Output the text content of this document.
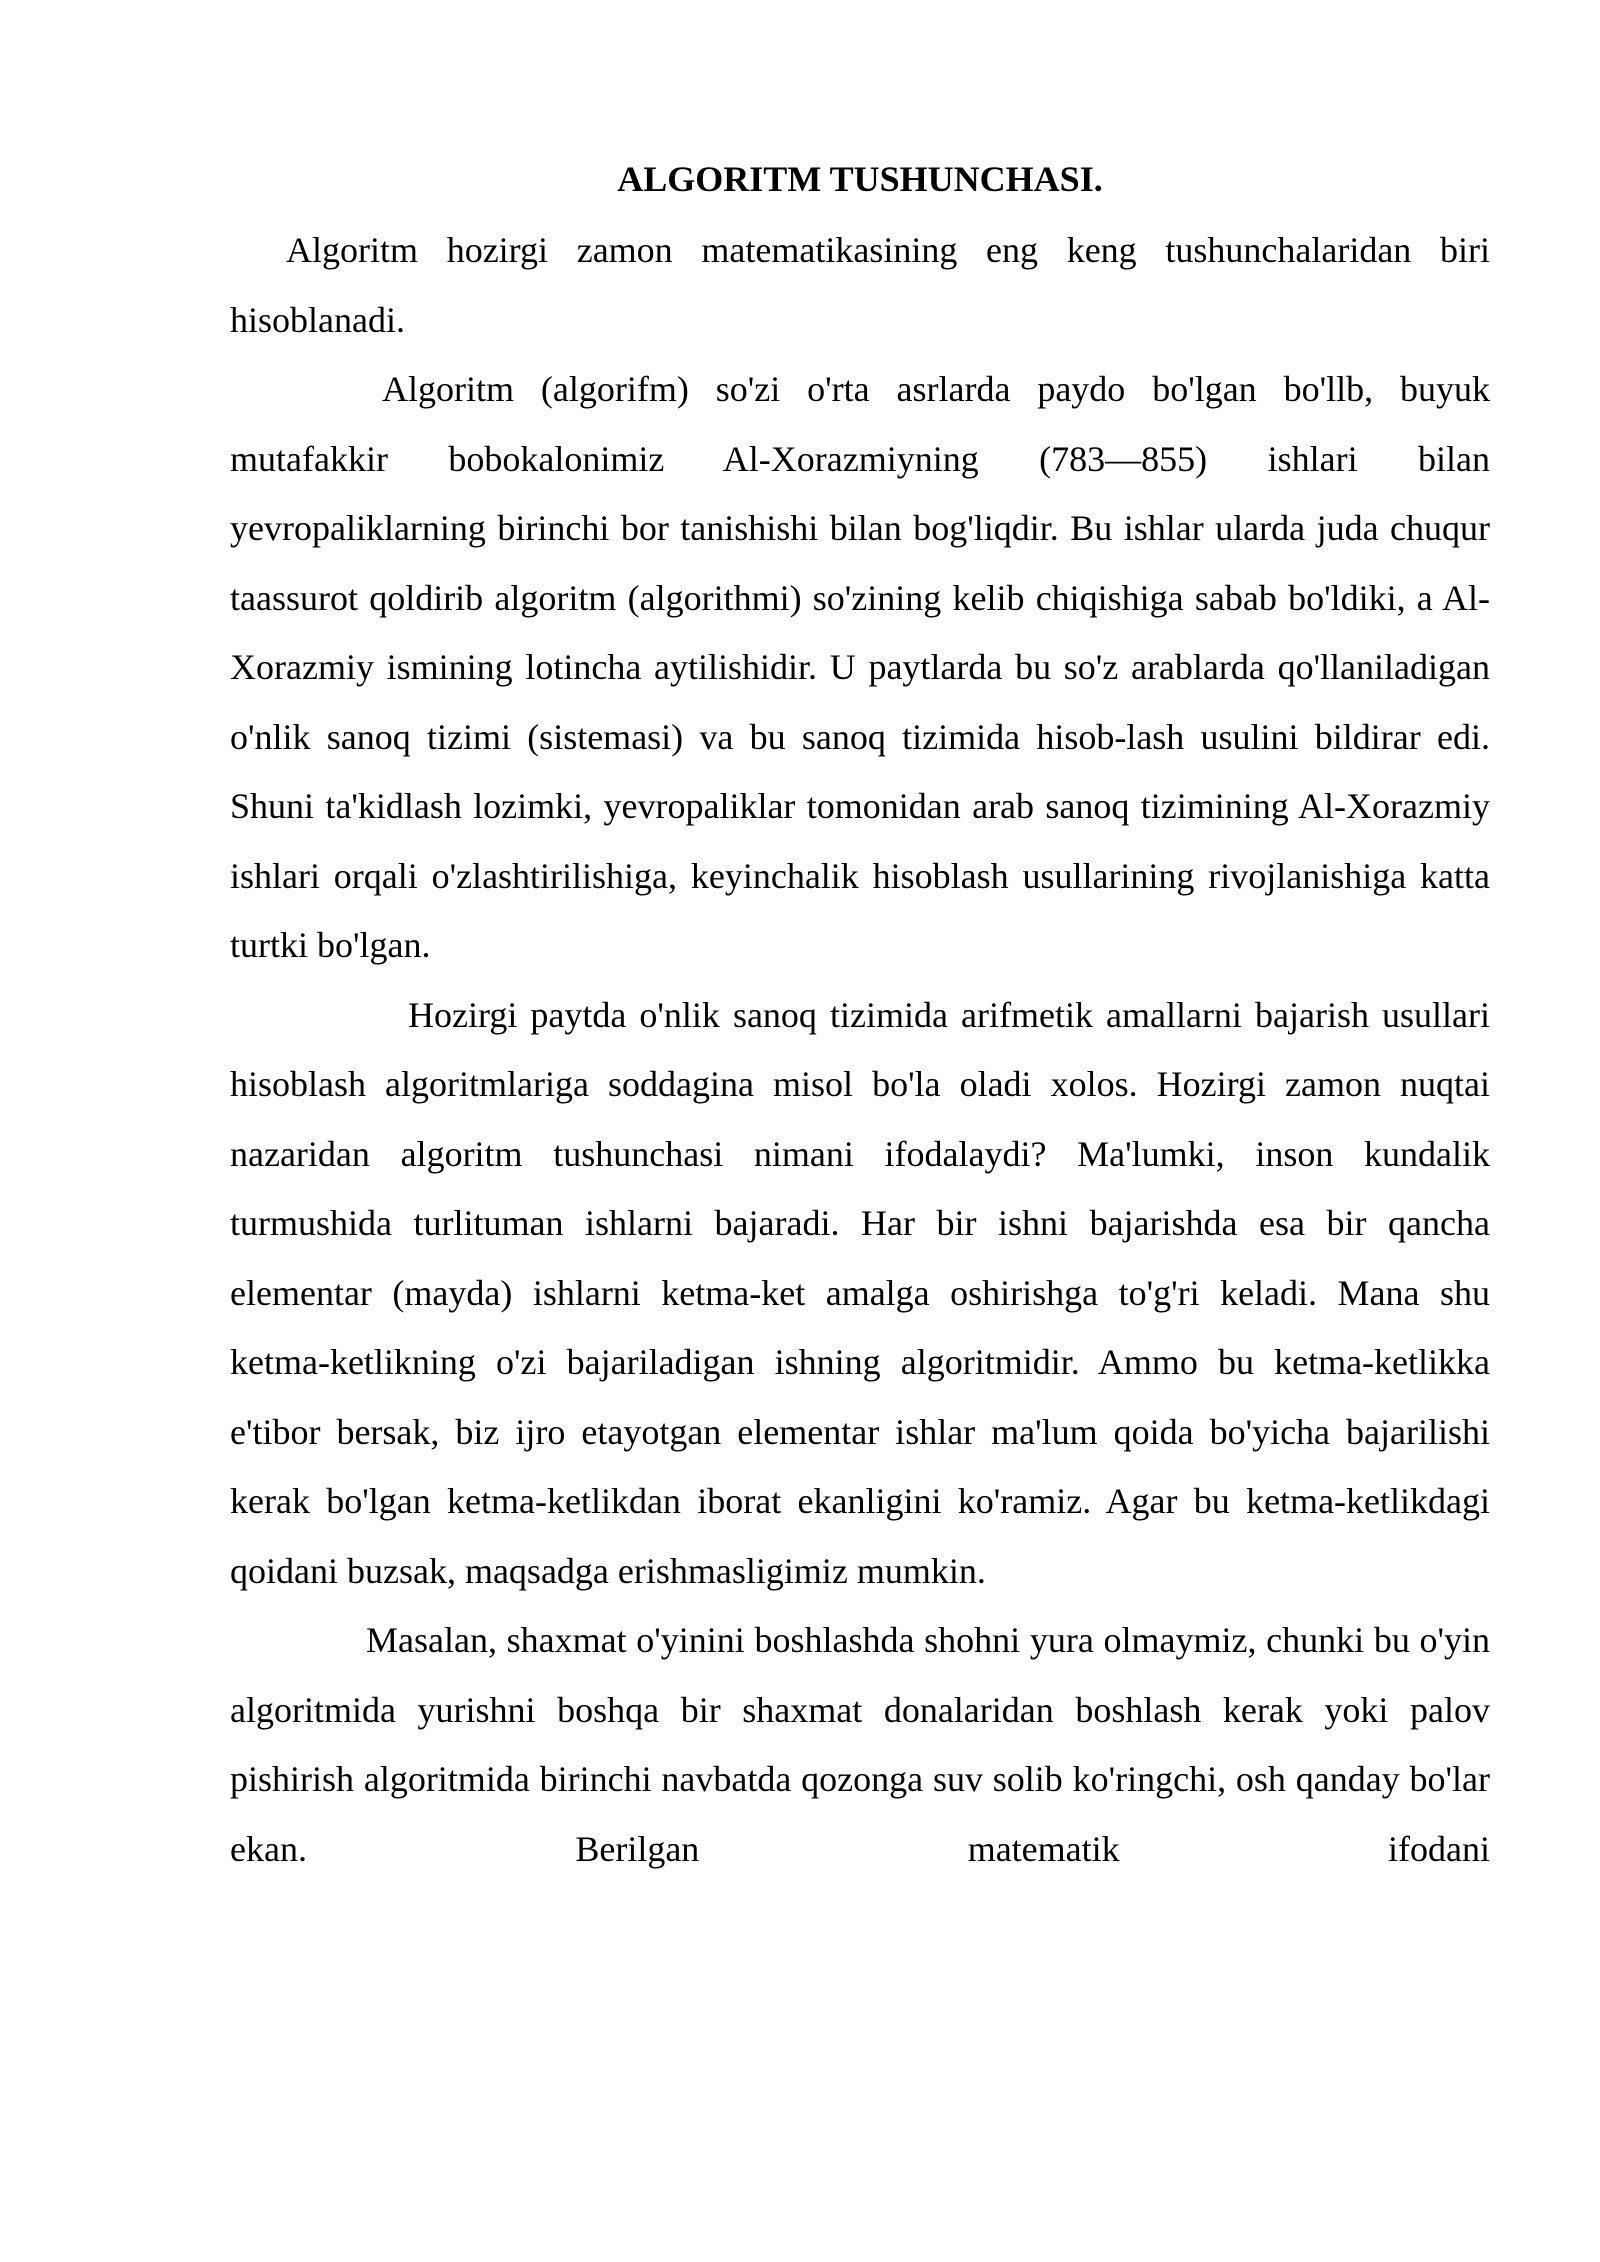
ALGORITM TUSHUNCHASI.

Algoritm hozirgi zamon matematikasining eng keng tushunchalaridan biri hisoblanadi.

Algoritm (algorifm) so'zi o'rta asrlarda paydo bo'lgan bo'llb, buyuk mutafakkir bobokalonimiz Al-Xorazmiyning (783—855) ishlari bilan yevropaliklarning birinchi bor tanishishi bilan bog'liqdir. Bu ishlar ularda juda chuqur taassurot qoldirib algoritm (algorithmi) so'zining kelib chiqishiga sabab bo'ldiki, a Al-Xorazmiy ismining lotincha aytilishidir. U paytlarda bu so'z arablarda qo'llaniladigan o'nlik sanoq tizimi (sistemasi) va bu sanoq tizimida hisob-lash usulini bildirar edi. Shuni ta'kidlash lozimki, yevropaliklar tomonidan arab sanoq tizimining Al-Xorazmiy ishlari orqali o'zlashtirilishiga, keyinchalik hisoblash usullarining rivojlanishiga katta turtki bo'lgan.

Hozirgi paytda o'nlik sanoq tizimida arifmetik amallarni bajarish usullari hisoblash algoritmlariga soddagina misol bo'la oladi xolos. Hozirgi zamon nuqtai nazaridan algoritm tushunchasi nimani ifodalaydi? Ma'lumki, inson kundalik turmushida turlituman ishlarni bajaradi. Har bir ishni bajarishda esa bir qancha elementar (mayda) ishlarni ketma-ket amalga oshirishga to'g'ri keladi. Mana shu ketma-ketlikning o'zi bajariladigan ishning algoritmidir. Ammo bu ketma-ketlikka e'tibor bersak, biz ijro etayotgan elementar ishlar ma'lum qoida bo'yicha bajarilishi kerak bo'lgan ketma-ketlikdan iborat ekanligini ko'ramiz. Agar bu ketma-ketlikdagi qoidani buzsak, maqsadga erishmasligimiz mumkin.

Masalan, shaxmat o'yinini boshlashda shohni yura olmaymiz, chunki bu o'yin algoritmida yurishni boshqa bir shaxmat donalaridan boshlash kerak yoki palov pishirish algoritmida birinchi navbatda qozonga suv solib ko'ringchi, osh qanday bo'lar ekan. Berilgan matematik ifodani
